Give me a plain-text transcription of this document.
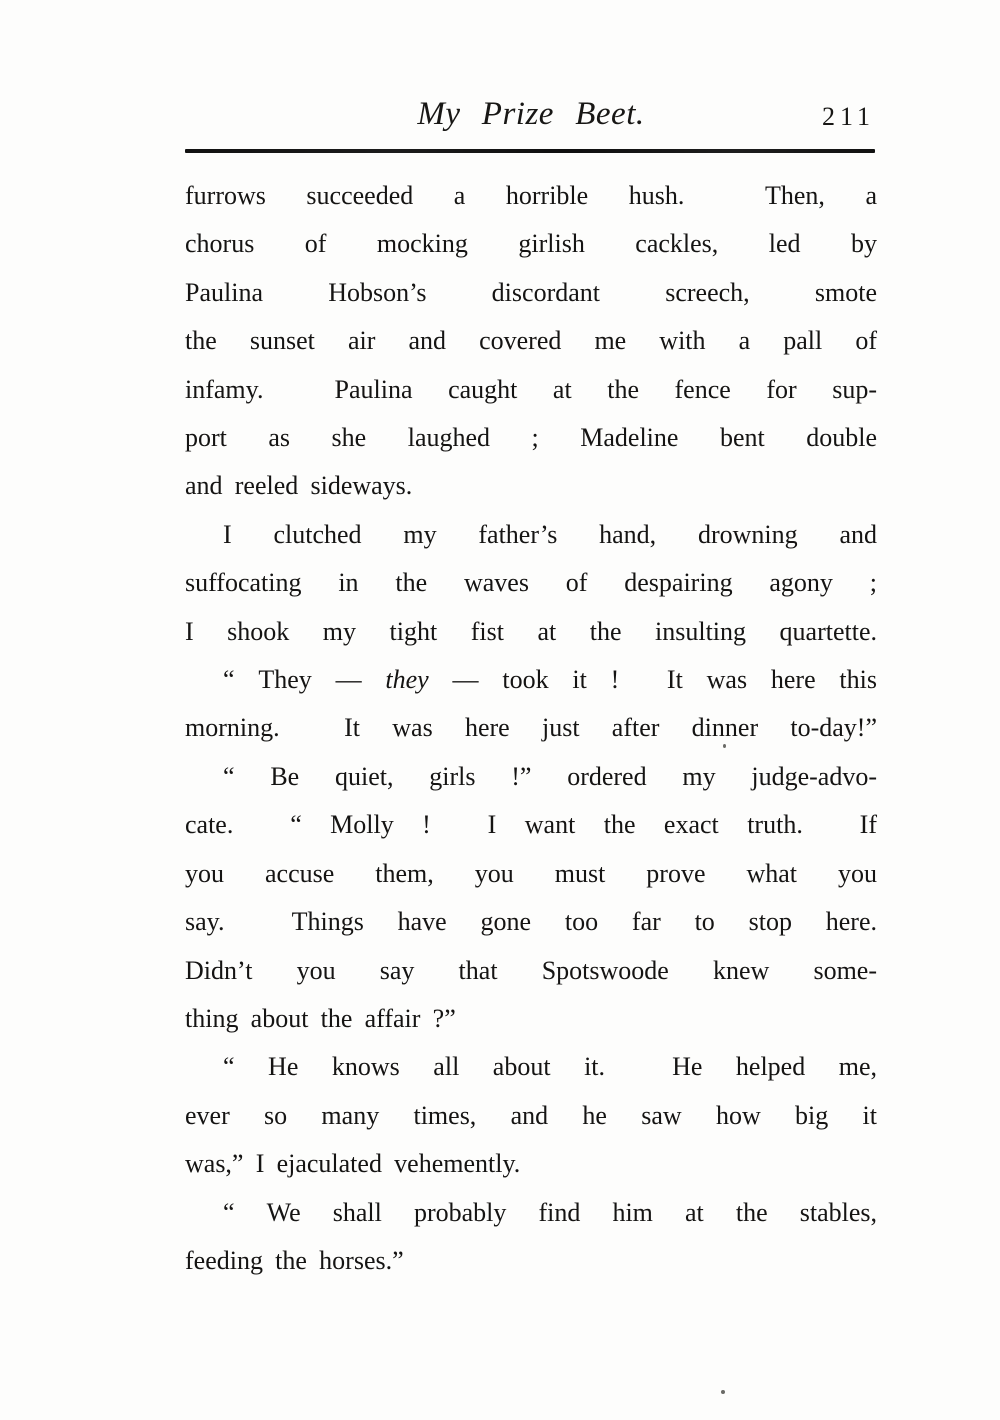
My Prize Beet.	211
furrows succeeded a horrible hush.  Then, a
chorus of mocking girlish cackles, led by
Paulina Hobson’s discordant screech, smote
the sunset air and covered me with a pall of
infamy.  Paulina caught at the fence for sup-
port as she laughed ; Madeline bent double
and reeled sideways.
I clutched my father’s hand, drowning and
suffocating in the waves of despairing agony ;
I shook my tight fist at the insulting quartette.
“ They — they — took it !  It was here this
morning.  It was here just after dinner to-day!”
“ Be quiet, girls !” ordered my judge-advo-
cate.  “ Molly !  I want the exact truth.  If
you accuse them, you must prove what you
say.  Things have gone too far to stop here.
Didn’t you say that Spotswoode knew some-
thing about the affair ?”
“ He knows all about it.  He helped me,
ever so many times, and he saw how big it
was,” I ejaculated vehemently.
“ We shall probably find him at the stables,
feeding the horses.”
